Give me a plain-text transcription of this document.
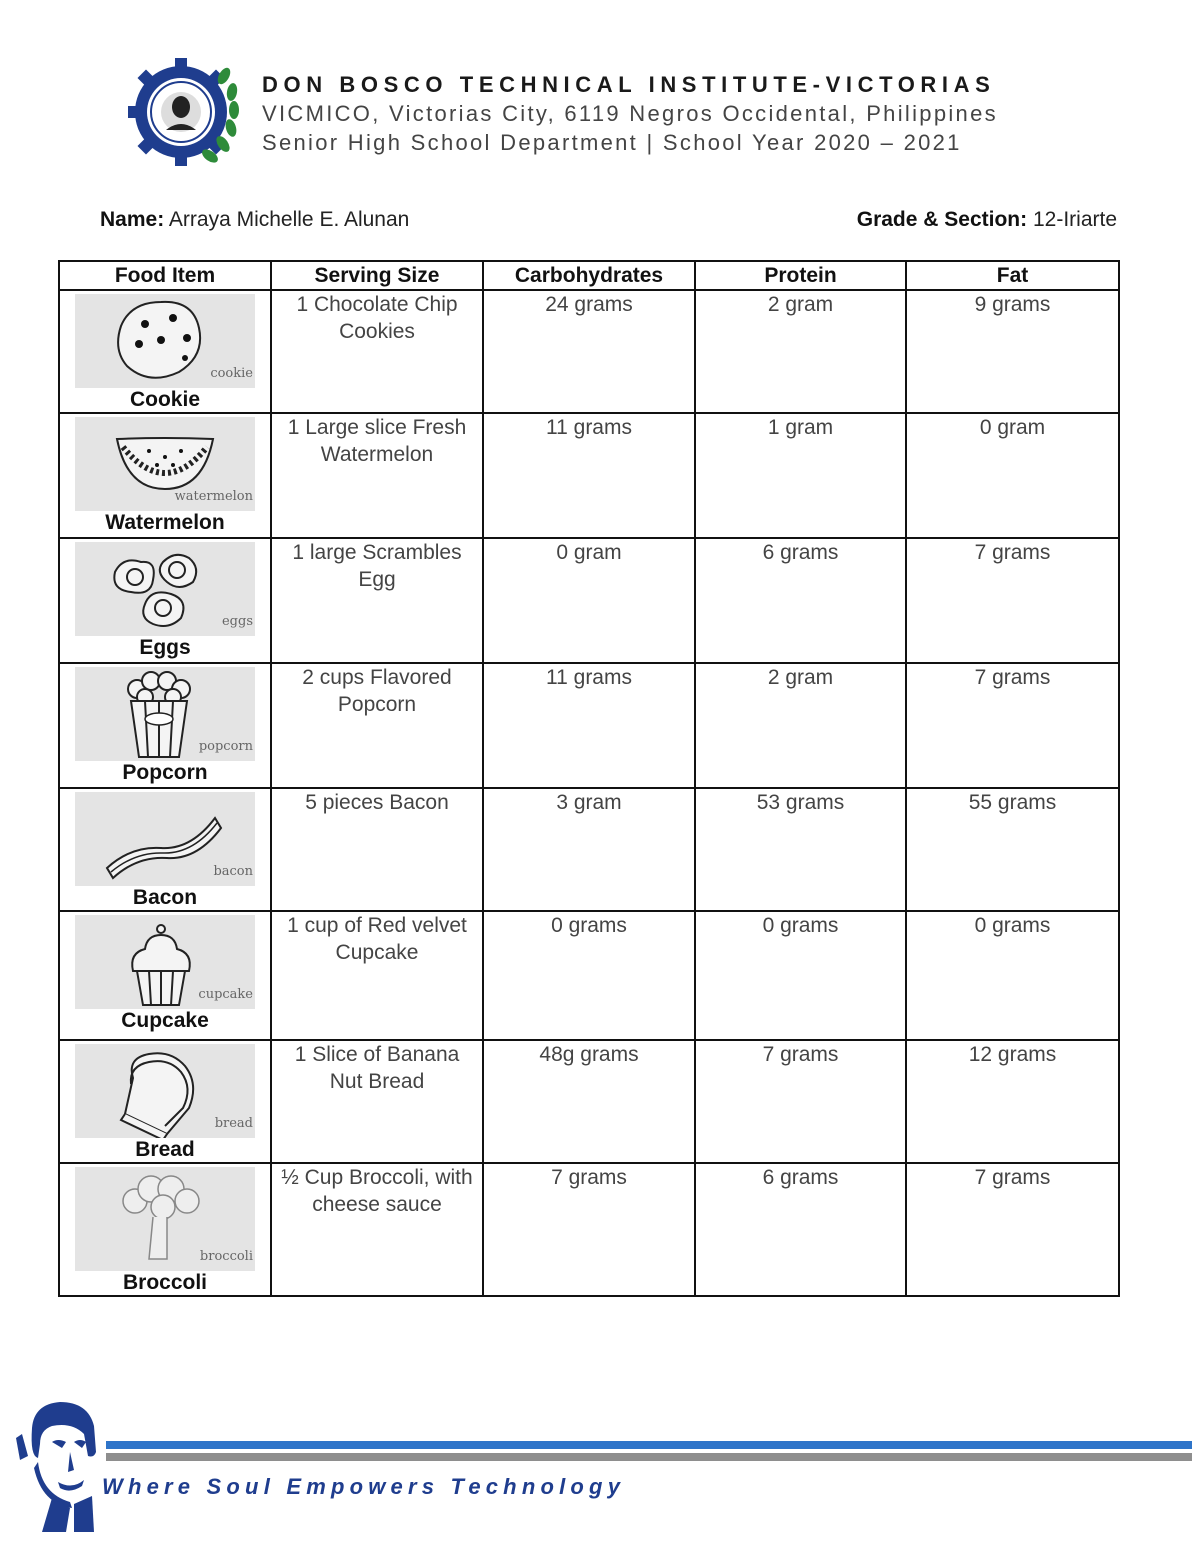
DON BOSCO TECHNICAL INSTITUTE-VICTORIAS
VICMICO, Victorias City, 6119 Negros Occidental, Philippines
Senior High School Department | School Year 2020 – 2021
Name: Arraya Michelle E. Alunan	Grade & Section: 12-Iriarte
Food Item	Serving Size	Carbohydrates	Protein	Fat

cookie
Cookie	1 Chocolate Chip Cookies	24 grams	2 gram	9 grams

watermelon
Watermelon	1 Large slice Fresh Watermelon	11 grams	1 gram	0 gram

eggs
Eggs	1 large Scrambles Egg	0 gram	6 grams	7 grams

popcorn
Popcorn	2 cups Flavored Popcorn	11 grams	2 gram	7 grams

bacon
Bacon	5 pieces Bacon	3 gram	53 grams	55 grams

cupcake
Cupcake	1 cup of Red velvet Cupcake	0 grams	0 grams	0 grams

bread
Bread	1 Slice of Banana Nut Bread	48g grams	7 grams	12 grams

broccoli
Broccoli	½ Cup Broccoli, with cheese sauce	7 grams	6 grams	7 grams
Where Soul Empowers Technology
